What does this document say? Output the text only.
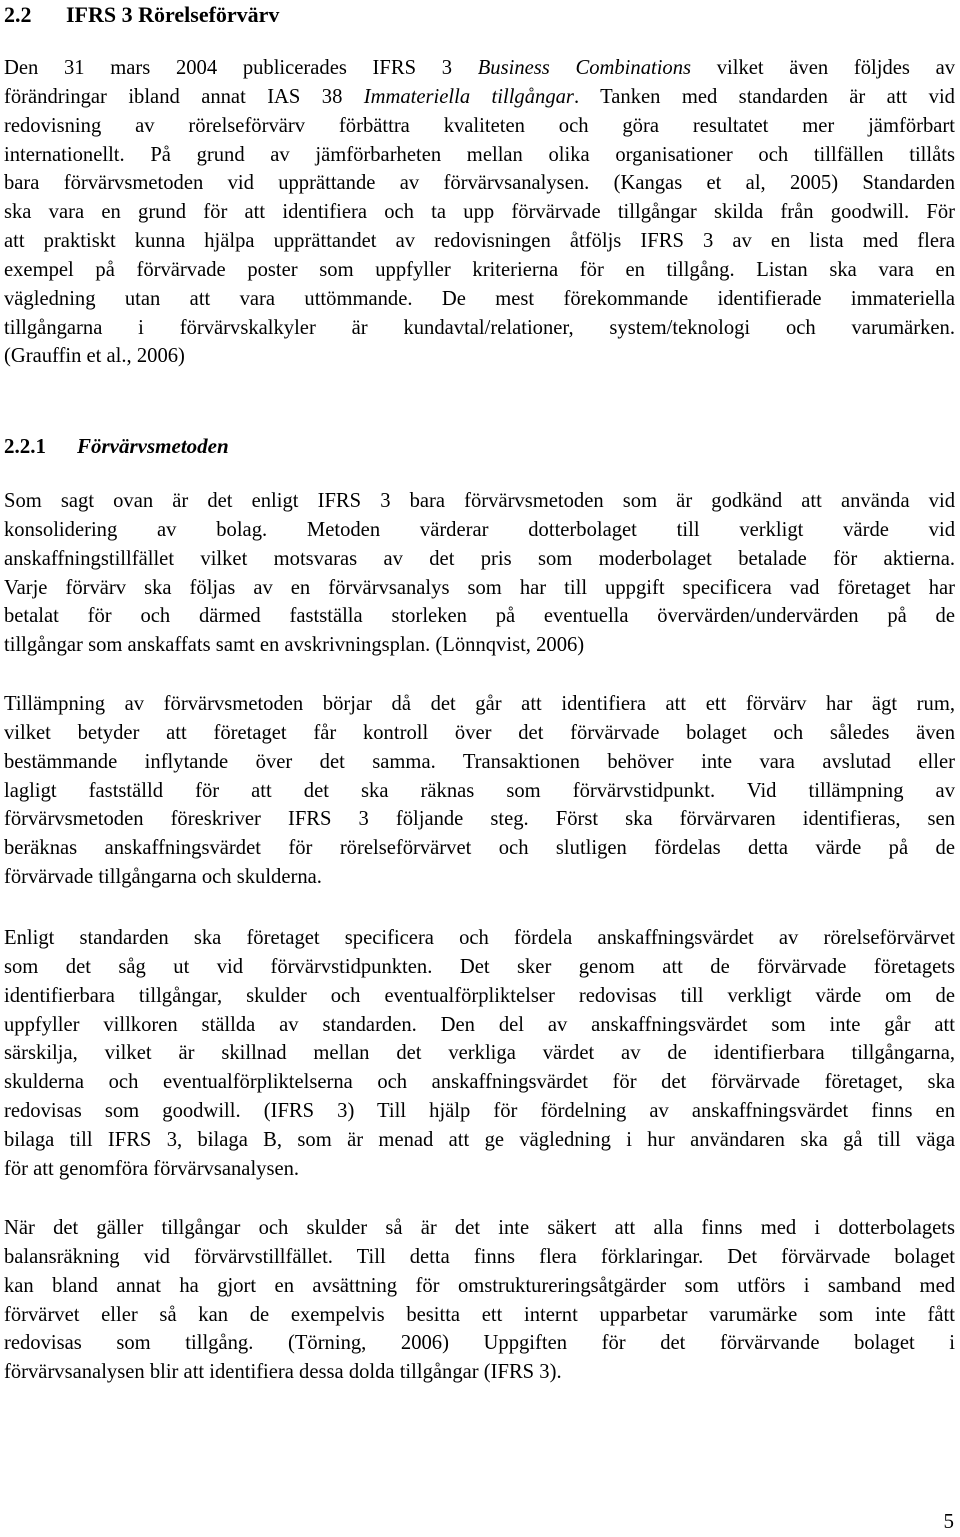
2.2 IFRS 3 Rörelseförvärv
Den 31 mars 2004 publicerades IFRS 3 Business Combinations vilket även följdes av
förändringar ibland annat IAS 38 Immateriella tillgångar. Tanken med standarden är att vid
redovisning av rörelseförvärv förbättra kvaliteten och göra resultatet mer jämförbart
internationellt. På grund av jämförbarheten mellan olika organisationer och tillfällen tillåts
bara förvärvsmetoden vid upprättande av förvärvsanalysen. (Kangas et al, 2005) Standarden
ska vara en grund för att identifiera och ta upp förvärvade tillgångar skilda från goodwill. För
att praktiskt kunna hjälpa upprättandet av redovisningen åtföljs IFRS 3 av en lista med flera
exempel på förvärvade poster som uppfyller kriterierna för en tillgång. Listan ska vara en
vägledning utan att vara uttömmande. De mest förekommande identifierade immateriella
tillgångarna i förvärvskalkyler är kundavtal/relationer, system/teknologi och varumärken.
(Grauffin et al., 2006)
2.2.1 Förvärvsmetoden
Som sagt ovan är det enligt IFRS 3 bara förvärvsmetoden som är godkänd att använda vid
konsolidering av bolag. Metoden värderar dotterbolaget till verkligt värde vid
anskaffningstillfället vilket motsvaras av det pris som moderbolaget betalade för aktierna.
Varje förvärv ska följas av en förvärvsanalys som har till uppgift specificera vad företaget har
betalat för och därmed fastställa storleken på eventuella övervärden/undervärden på de
tillgångar som anskaffats samt en avskrivningsplan. (Lönnqvist, 2006)
Tillämpning av förvärvsmetoden börjar då det går att identifiera att ett förvärv har ägt rum,
vilket betyder att företaget får kontroll över det förvärvade bolaget och således även
bestämmande inflytande över det samma. Transaktionen behöver inte vara avslutad eller
lagligt fastställd för att det ska räknas som förvärvstidpunkt. Vid tillämpning av
förvärvsmetoden föreskriver IFRS 3 följande steg. Först ska förvärvaren identifieras, sen
beräknas anskaffningsvärdet för rörelseförvärvet och slutligen fördelas detta värde på de
förvärvade tillgångarna och skulderna.
Enligt standarden ska företaget specificera och fördela anskaffningsvärdet av rörelseförvärvet
som det såg ut vid förvärvstidpunkten. Det sker genom att de förvärvade företagets
identifierbara tillgångar, skulder och eventualförpliktelser redovisas till verkligt värde om de
uppfyller villkoren ställda av standarden. Den del av anskaffningsvärdet som inte går att
särskilja, vilket är skillnad mellan det verkliga värdet av de identifierbara tillgångarna,
skulderna och eventualförpliktelserna och anskaffningsvärdet för det förvärvade företaget, ska
redovisas som goodwill. (IFRS 3) Till hjälp för fördelning av anskaffningsvärdet finns en
bilaga till IFRS 3, bilaga B, som är menad att ge vägledning i hur användaren ska gå till väga
för att genomföra förvärvsanalysen.
När det gäller tillgångar och skulder så är det inte säkert att alla finns med i dotterbolagets
balansräkning vid förvärvstillfället. Till detta finns flera förklaringar. Det förvärvade bolaget
kan bland annat ha gjort en avsättning för omstruktureringsåtgärder som utförs i samband med
förvärvet eller så kan de exempelvis besitta ett internt upparbetar varumärke som inte fått
redovisas som tillgång. (Törning, 2006) Uppgiften för det förvärvande bolaget i
förvärvsanalysen blir att identifiera dessa dolda tillgångar (IFRS 3).

5
